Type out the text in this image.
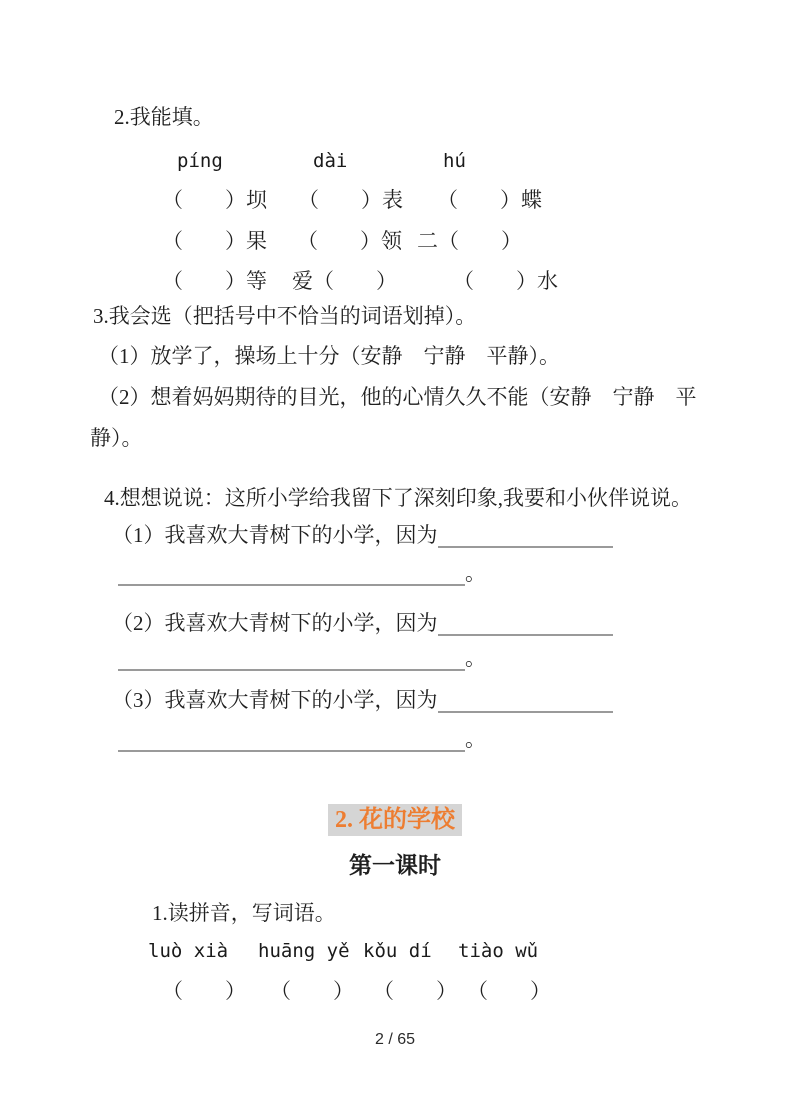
2.我能填。
píng	dài	hú
（　　）坝 （　　）表 （　　）蝶
（　　）果 （　　）领 二（　　）
（　　）等 爱（　　）	（　　）水
3.我会选（把括号中不恰当的词语划掉）。
（1）放学了，操场上十分（安静　宁静　平静）。
（2）想着妈妈期待的目光，他的心情久久不能（安静　宁静　平
静）。
4.想想说说：这所小学给我留下了深刻印象,我要和小伙伴说说。
（1）我喜欢大青树下的小学，因为
。
（2）我喜欢大青树下的小学，因为
。
（3）我喜欢大青树下的小学，因为
。
2. 花的学校
第一课时
1.读拼音，写词语。
luò xià huāng yě kǒu dí tiào wǔ
（　　） （　　） （　　） （　　）
2 / 65
